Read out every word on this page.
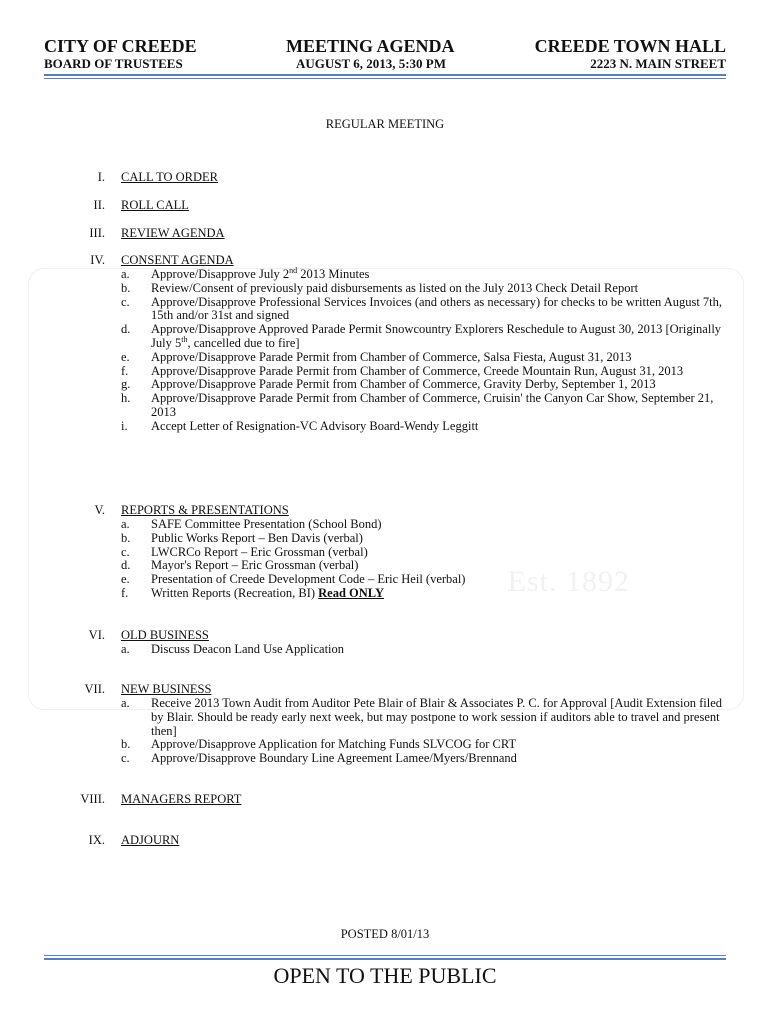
Est. 1892
CITY OF CREEDE
BOARD OF TRUSTEES
MEETING AGENDA
AUGUST 6, 2013, 5:30 PM
CREEDE TOWN HALL
2223 N. MAIN STREET
REGULAR MEETING
I. CALL TO ORDER
II. ROLL CALL
III. REVIEW AGENDA
IV. CONSENT AGENDA
a. Approve/Disapprove July 2nd 2013 Minutes
b. Review/Consent of previously paid disbursements as listed on the July 2013 Check Detail Report
c. Approve/Disapprove Professional Services Invoices (and others as necessary) for checks to be written August 7th, 15th and/or 31st and signed
d. Approve/Disapprove Approved Parade Permit Snowcountry Explorers Reschedule to August 30, 2013 [Originally July 5th, cancelled due to fire]
e. Approve/Disapprove Parade Permit from Chamber of Commerce, Salsa Fiesta, August 31, 2013
f. Approve/Disapprove Parade Permit from Chamber of Commerce, Creede Mountain Run, August 31, 2013
g. Approve/Disapprove Parade Permit from Chamber of Commerce, Gravity Derby, September 1, 2013
h. Approve/Disapprove Parade Permit from Chamber of Commerce, Cruisin' the Canyon Car Show, September 21, 2013
i. Accept Letter of Resignation-VC Advisory Board-Wendy Leggitt
V. REPORTS & PRESENTATIONS
a. SAFE Committee Presentation (School Bond)
b. Public Works Report – Ben Davis (verbal)
c. LWCRCo Report – Eric Grossman (verbal)
d. Mayor's Report – Eric Grossman (verbal)
e. Presentation of Creede Development Code – Eric Heil (verbal)
f. Written Reports (Recreation, BI) Read ONLY
VI. OLD BUSINESS
a. Discuss Deacon Land Use Application
VII. NEW BUSINESS
a. Receive 2013 Town Audit from Auditor Pete Blair of Blair & Associates P. C. for Approval [Audit Extension filed by Blair. Should be ready early next week, but may postpone to work session if auditors able to travel and present then]
b. Approve/Disapprove Application for Matching Funds SLVCOG for CRT
c. Approve/Disapprove Boundary Line Agreement Lamee/Myers/Brennand
VIII. MANAGERS REPORT
IX. ADJOURN
POSTED 8/01/13
OPEN TO THE PUBLIC
